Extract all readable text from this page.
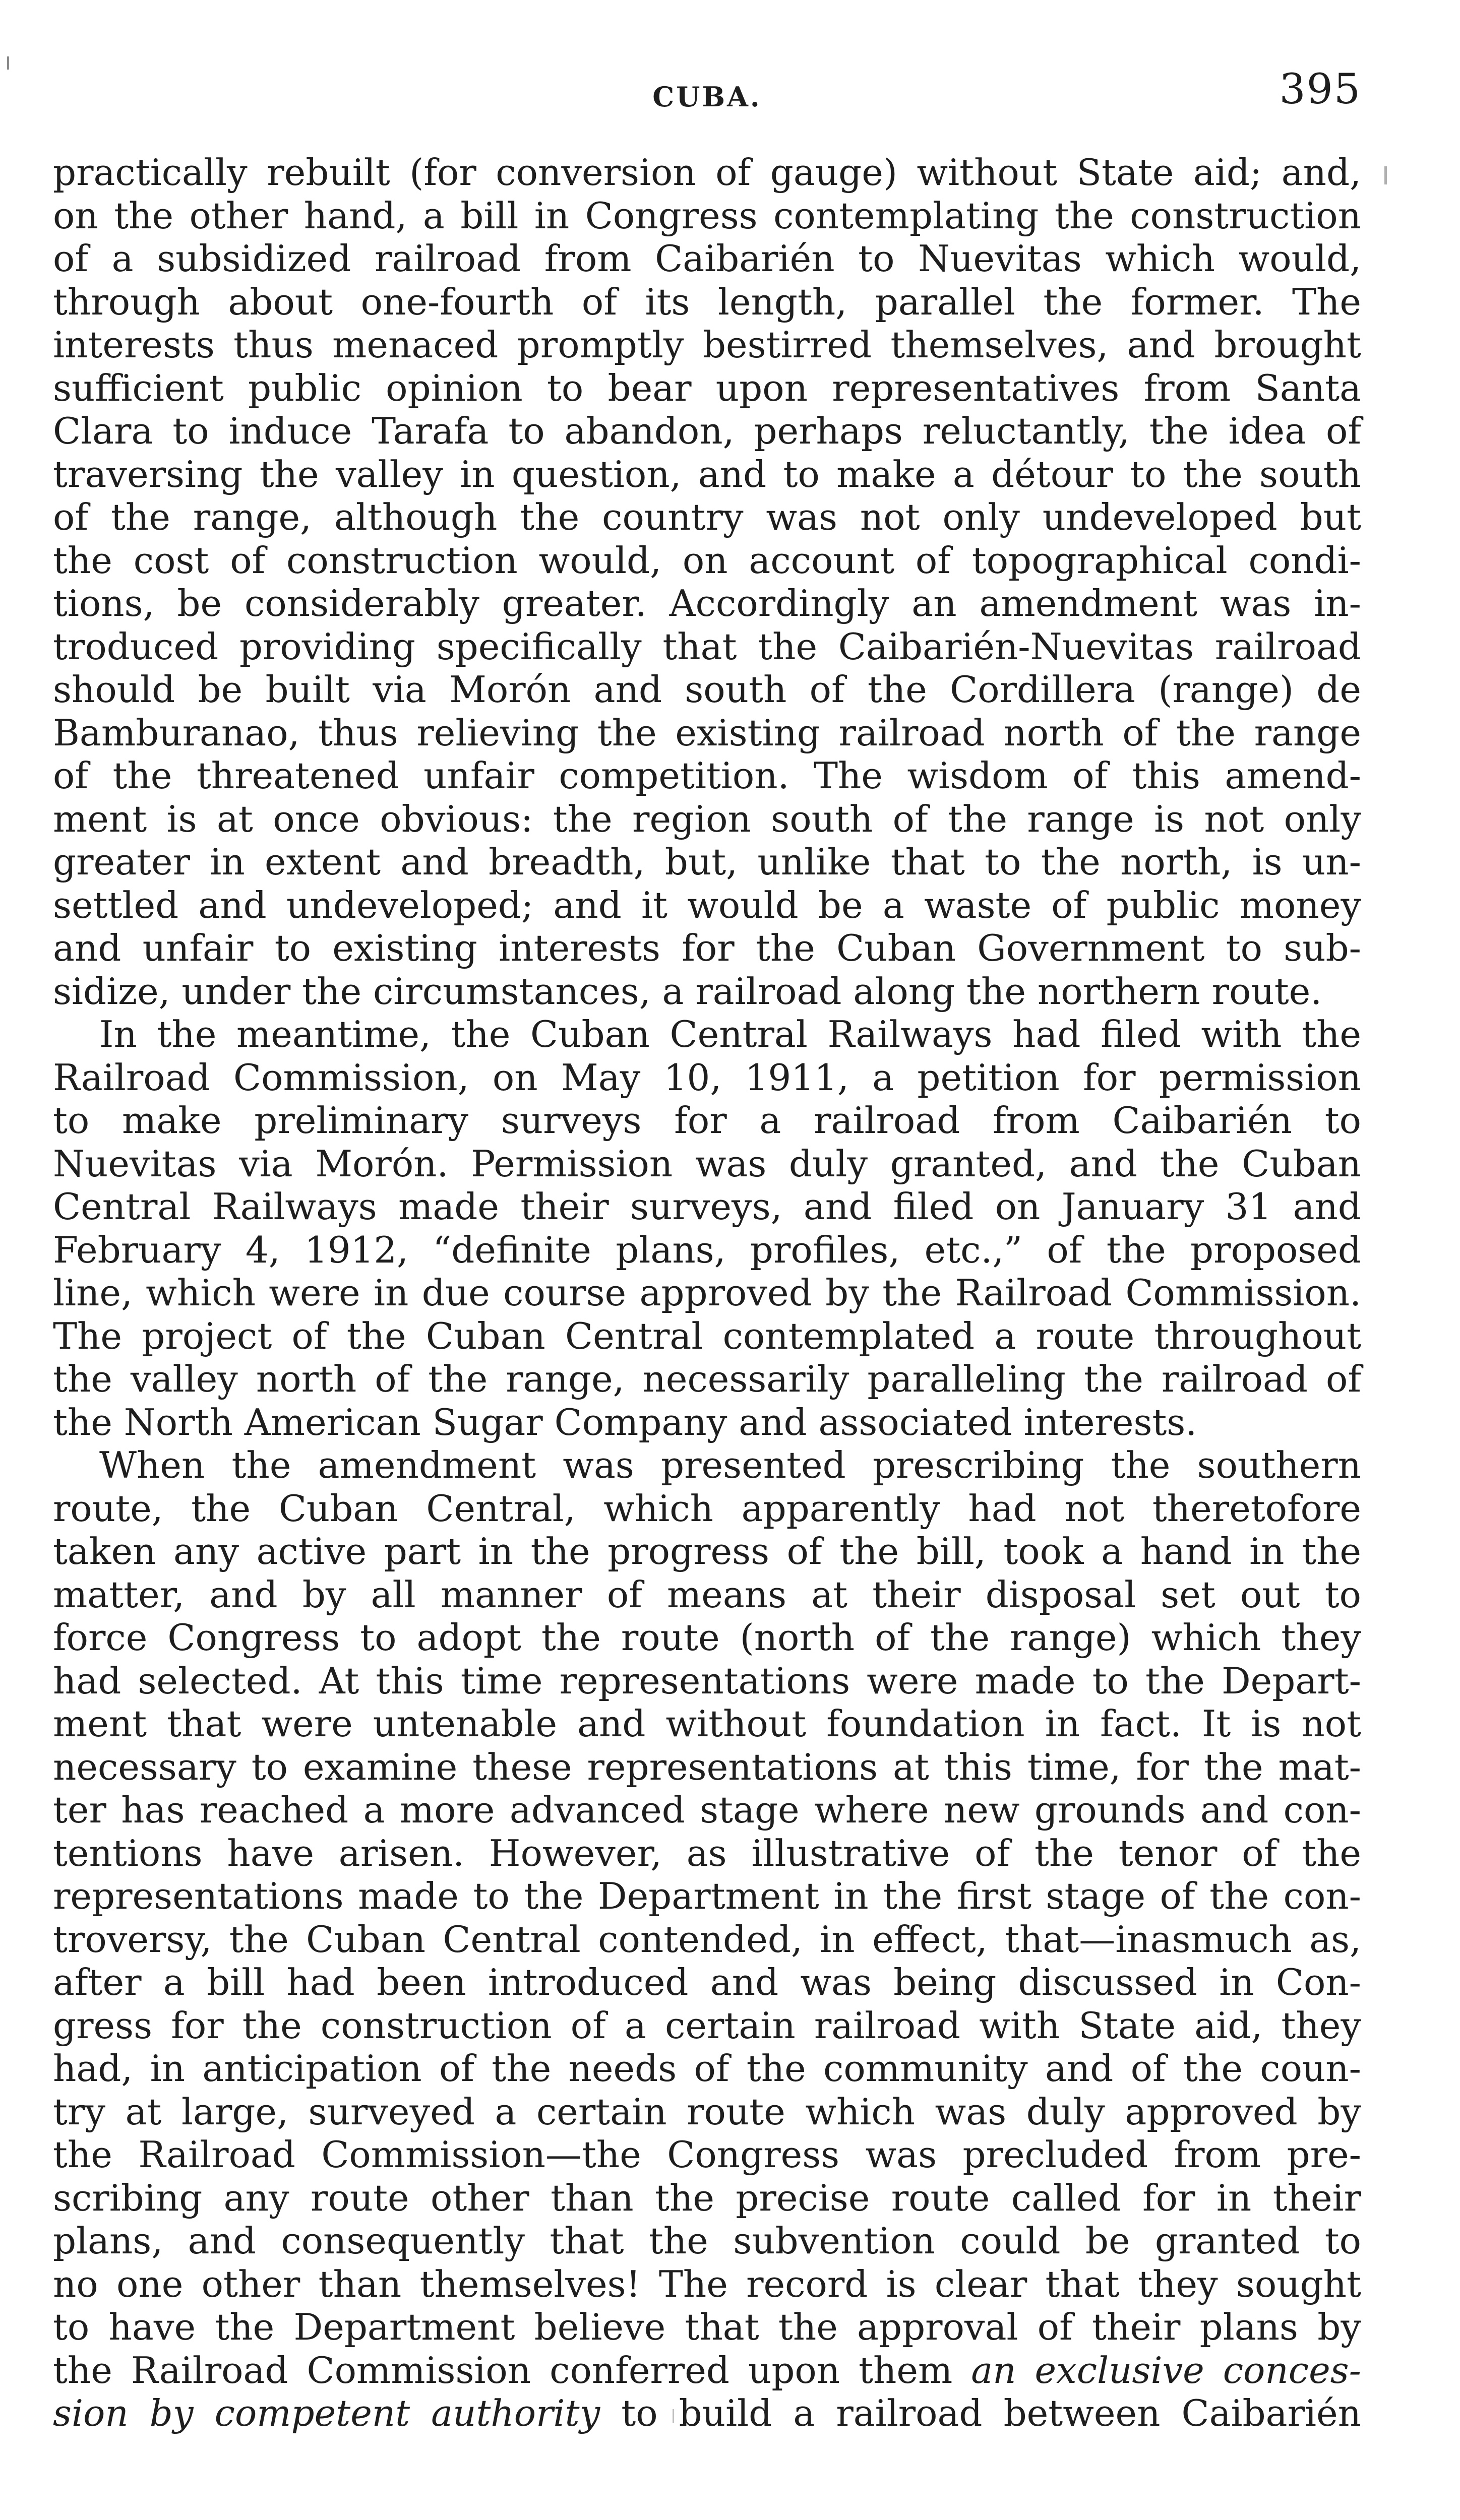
CUBA.	395
practically rebuilt (for conversion of gauge) without State aid; and,
on the other hand, a bill in Congress contemplating the construction
of a subsidized railroad from Caibarién to Nuevitas which would,
through about one-fourth of its length, parallel the former. The
interests thus menaced promptly bestirred themselves, and brought
sufficient public opinion to bear upon representatives from Santa
Clara to induce Tarafa to abandon, perhaps reluctantly, the idea of
traversing the valley in question, and to make a détour to the south
of the range, although the country was not only undeveloped but
the cost of construction would, on account of topographical condi-
tions, be considerably greater. Accordingly an amendment was in-
troduced providing specifically that the Caibarién-Nuevitas railroad
should be built via Morón and south of the Cordillera (range) de
Bamburanao, thus relieving the existing railroad north of the range
of the threatened unfair competition. The wisdom of this amend-
ment is at once obvious: the region south of the range is not only
greater in extent and breadth, but, unlike that to the north, is un-
settled and undeveloped; and it would be a waste of public money
and unfair to existing interests for the Cuban Government to sub-
sidize, under the circumstances, a railroad along the northern route.
In the meantime, the Cuban Central Railways had filed with the
Railroad Commission, on May 10, 1911, a petition for permission
to make preliminary surveys for a railroad from Caibarién to
Nuevitas via Morón. Permission was duly granted, and the Cuban
Central Railways made their surveys, and filed on January 31 and
February 4, 1912, “definite plans, profiles, etc.,” of the proposed
line, which were in due course approved by the Railroad Commission.
The project of the Cuban Central contemplated a route throughout
the valley north of the range, necessarily paralleling the railroad of
the North American Sugar Company and associated interests.
When the amendment was presented prescribing the southern
route, the Cuban Central, which apparently had not theretofore
taken any active part in the progress of the bill, took a hand in the
matter, and by all manner of means at their disposal set out to
force Congress to adopt the route (north of the range) which they
had selected. At this time representations were made to the Depart-
ment that were untenable and without foundation in fact. It is not
necessary to examine these representations at this time, for the mat-
ter has reached a more advanced stage where new grounds and con-
tentions have arisen. However, as illustrative of the tenor of the
representations made to the Department in the first stage of the con-
troversy, the Cuban Central contended, in effect, that—inasmuch as,
after a bill had been introduced and was being discussed in Con-
gress for the construction of a certain railroad with State aid, they
had, in anticipation of the needs of the community and of the coun-
try at large, surveyed a certain route which was duly approved by
the Railroad Commission—the Congress was precluded from pre-
scribing any route other than the precise route called for in their
plans, and consequently that the subvention could be granted to
no one other than themselves! The record is clear that they sought
to have the Department believe that the approval of their plans by
the Railroad Commission conferred upon them an exclusive conces-
sion by competent authority to build a railroad between Caibarién
